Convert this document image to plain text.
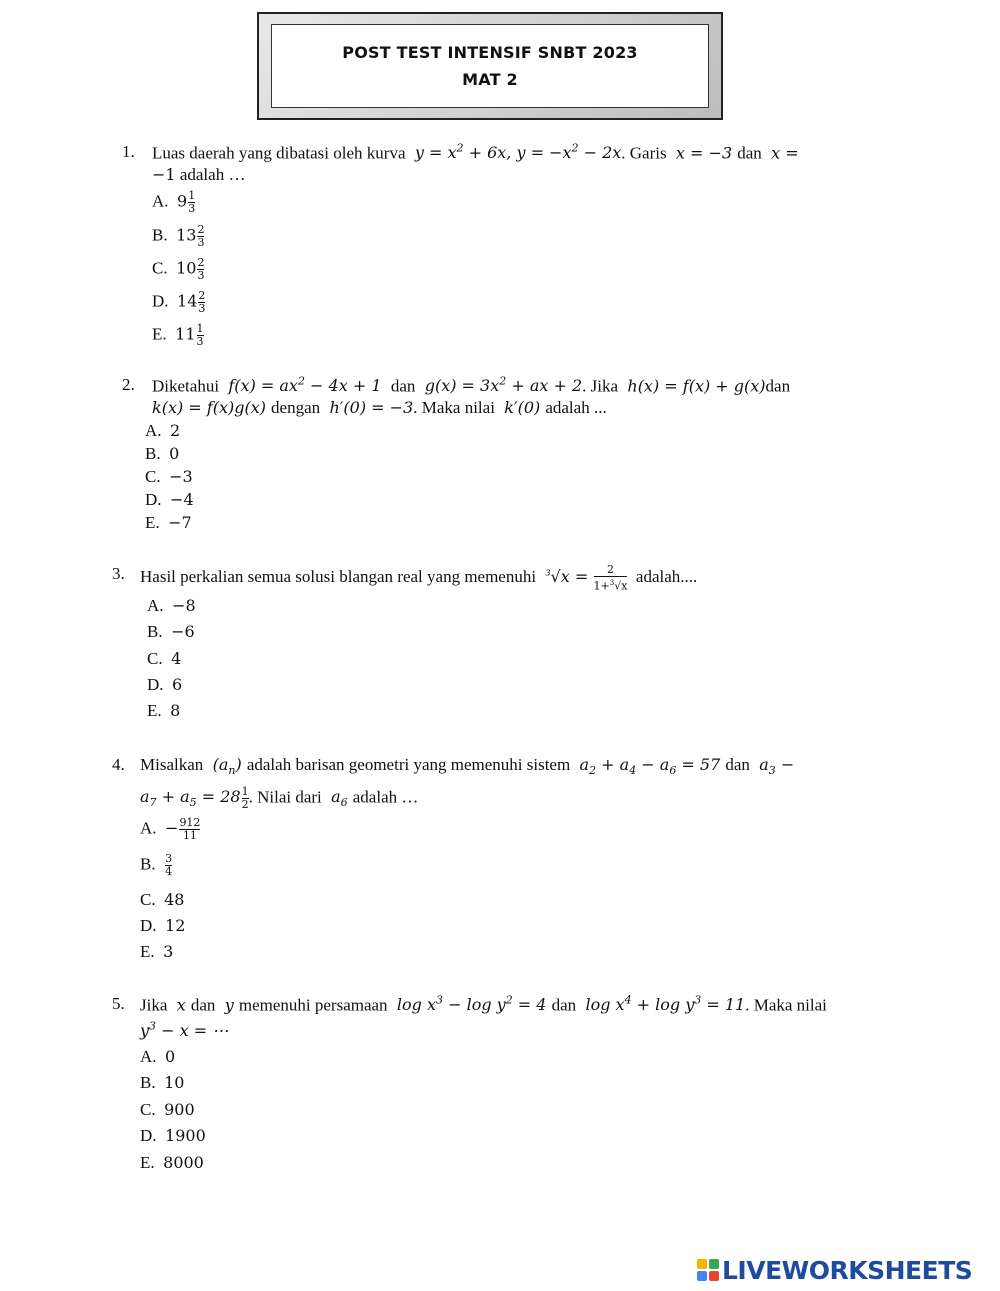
POST TEST INTENSIF SNBT 2023
MAT 2
1. Luas daerah yang dibatasi oleh kurva  $y = x^2 + 6x$, $y = -x^2 - 2x$. Garis  x = −3 dan  x =
−1 adalah …
A. $9 \frac{1}{3}$
B. $13 \frac{2}{3}$
C. $10 \frac{2}{3}$
D. $14 \frac{2}{3}$
E. $11 \frac{1}{3}$
2. Diketahui  $f(x) = ax^2 - 4x + 1$  dan  $g(x) = 3x^2$ + ax + 2. Jika  h(x) = f(x) + g(x)dan
k(x) = f(x)g(x) dengan  h′(0) = −3. Maka nilai  k′(0) adalah ...
A. 2
B. 0
C. −3
D. −4
E. −7
3. Hasil perkalian semua solusi blangan real yang memenuhi $^3√x = \frac{2}{1+^3√x}$ adalah....
A. −8
B. −6
C. 4
D. 6
E. 8
4. Misalkan  $(a_n)$ adalah barisan geometri yang memenuhi sistem  $a_2 + a_4 - a_6 = 57$ dan  $a_3$ −
$a_7 + a_5 = 28 \frac{1}{2}$ . Nilai dari  $a_6$ adalah …
A. − $\frac{912}{11}$
B. $\frac{3}{4}$
C. 48
D. 12
E. 3
5. Jika  x dan  y memenuhi persamaan $\log x^3 - \log y^2 = 4$ dan $\log x^4 + \log y^3 = 11$. Maka nilai
$y^3 - x$ = ⋯
A. 0
B. 10
C. 900
D. 1900
E. 8000
LIVEWORKSHEETS
